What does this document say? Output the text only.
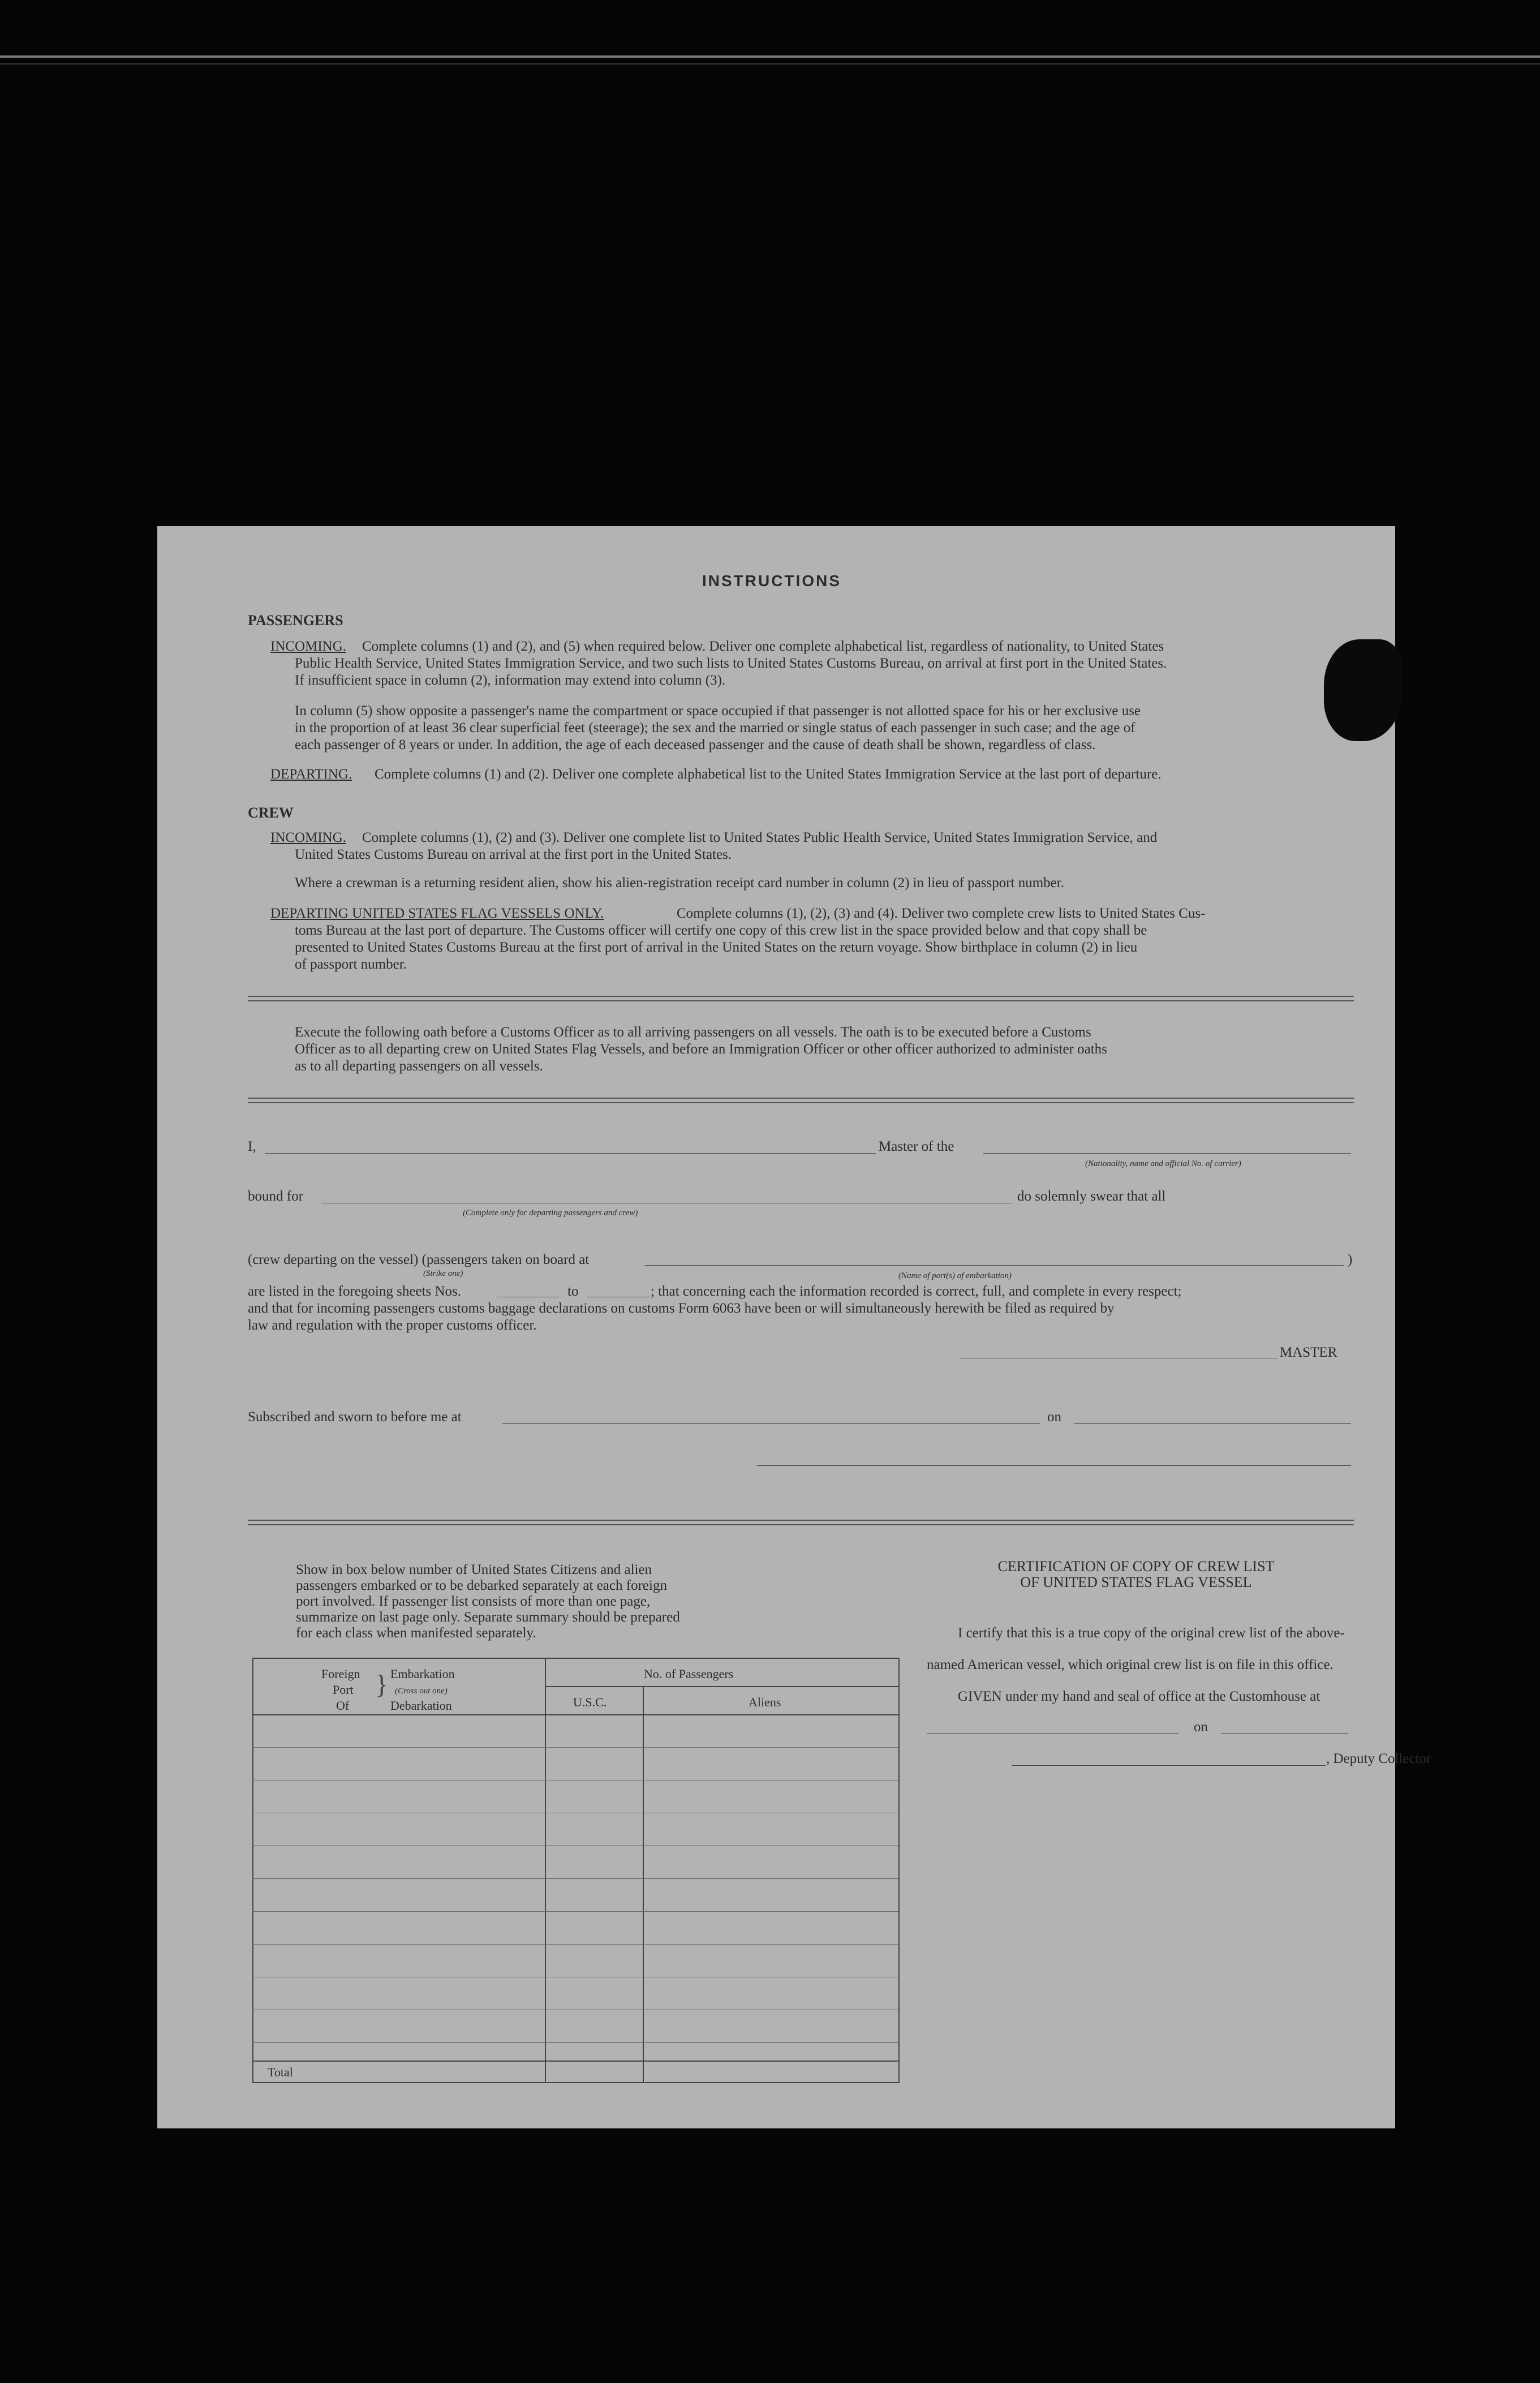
INSTRUCTIONS
PASSENGERS
INCOMING. Complete columns (1) and (2), and (5) when required below. Deliver one complete alphabetical list, regardless of nationality, to United States
Public Health Service, United States Immigration Service, and two such lists to United States Customs Bureau, on arrival at first port in the United States.
If insufficient space in column (2), information may extend into column (3).
In column (5) show opposite a passenger's name the compartment or space occupied if that passenger is not allotted space for his or her exclusive use
in the proportion of at least 36 clear superficial feet (steerage); the sex and the married or single status of each passenger in such case; and the age of
each passenger of 8 years or under. In addition, the age of each deceased passenger and the cause of death shall be shown, regardless of class.
DEPARTING. Complete columns (1) and (2). Deliver one complete alphabetical list to the United States Immigration Service at the last port of departure.
CREW
INCOMING. Complete columns (1), (2) and (3). Deliver one complete list to United States Public Health Service, United States Immigration Service, and
United States Customs Bureau on arrival at the first port in the United States.
Where a crewman is a returning resident alien, show his alien-registration receipt card number in column (2) in lieu of passport number.
DEPARTING UNITED STATES FLAG VESSELS ONLY.	Complete columns (1), (2), (3) and (4). Deliver two complete crew lists to United States Cus-
toms Bureau at the last port of departure. The Customs officer will certify one copy of this crew list in the space provided below and that copy shall be
presented to United States Customs Bureau at the first port of arrival in the United States on the return voyage. Show birthplace in column (2) in lieu
of passport number.
Execute the following oath before a Customs Officer as to all arriving passengers on all vessels. The oath is to be executed before a Customs
Officer as to all departing crew on United States Flag Vessels, and before an Immigration Officer or other officer authorized to administer oaths
as to all departing passengers on all vessels.
I,	Master of the
(Nationality, name and official No. of carrier)
bound for
(Complete only for departing passengers and crew)
do solemnly swear that all
(crew departing on the vessel) (passengers taken on board at
(Strike one)	(Name of port(s) of embarkation)
)
are listed in the foregoing sheets Nos.	to	; that concerning each the information recorded is correct, full, and complete in every respect;
and that for incoming passengers customs baggage declarations on customs Form 6063 have been or will simultaneously herewith be filed as required by
law and regulation with the proper customs officer.
MASTER
Subscribed and sworn to before me at	on
Show in box below number of United States Citizens and alien
passengers embarked or to be debarked separately at each foreign
port involved. If passenger list consists of more than one page,
summarize on last page only. Separate summary should be prepared
for each class when manifested separately.
Foreign
Port
Of
} Embarkation
(Cross out one)
Debarkation
No. of Passengers
U.S.C.	Aliens
Total
CERTIFICATION OF COPY OF CREW LIST
OF UNITED STATES FLAG VESSEL
I certify that this is a true copy of the original crew list of the above-
named American vessel, which original crew list is on file in this office.
GIVEN under my hand and seal of office at the Customhouse at
on
, Deputy Collector
